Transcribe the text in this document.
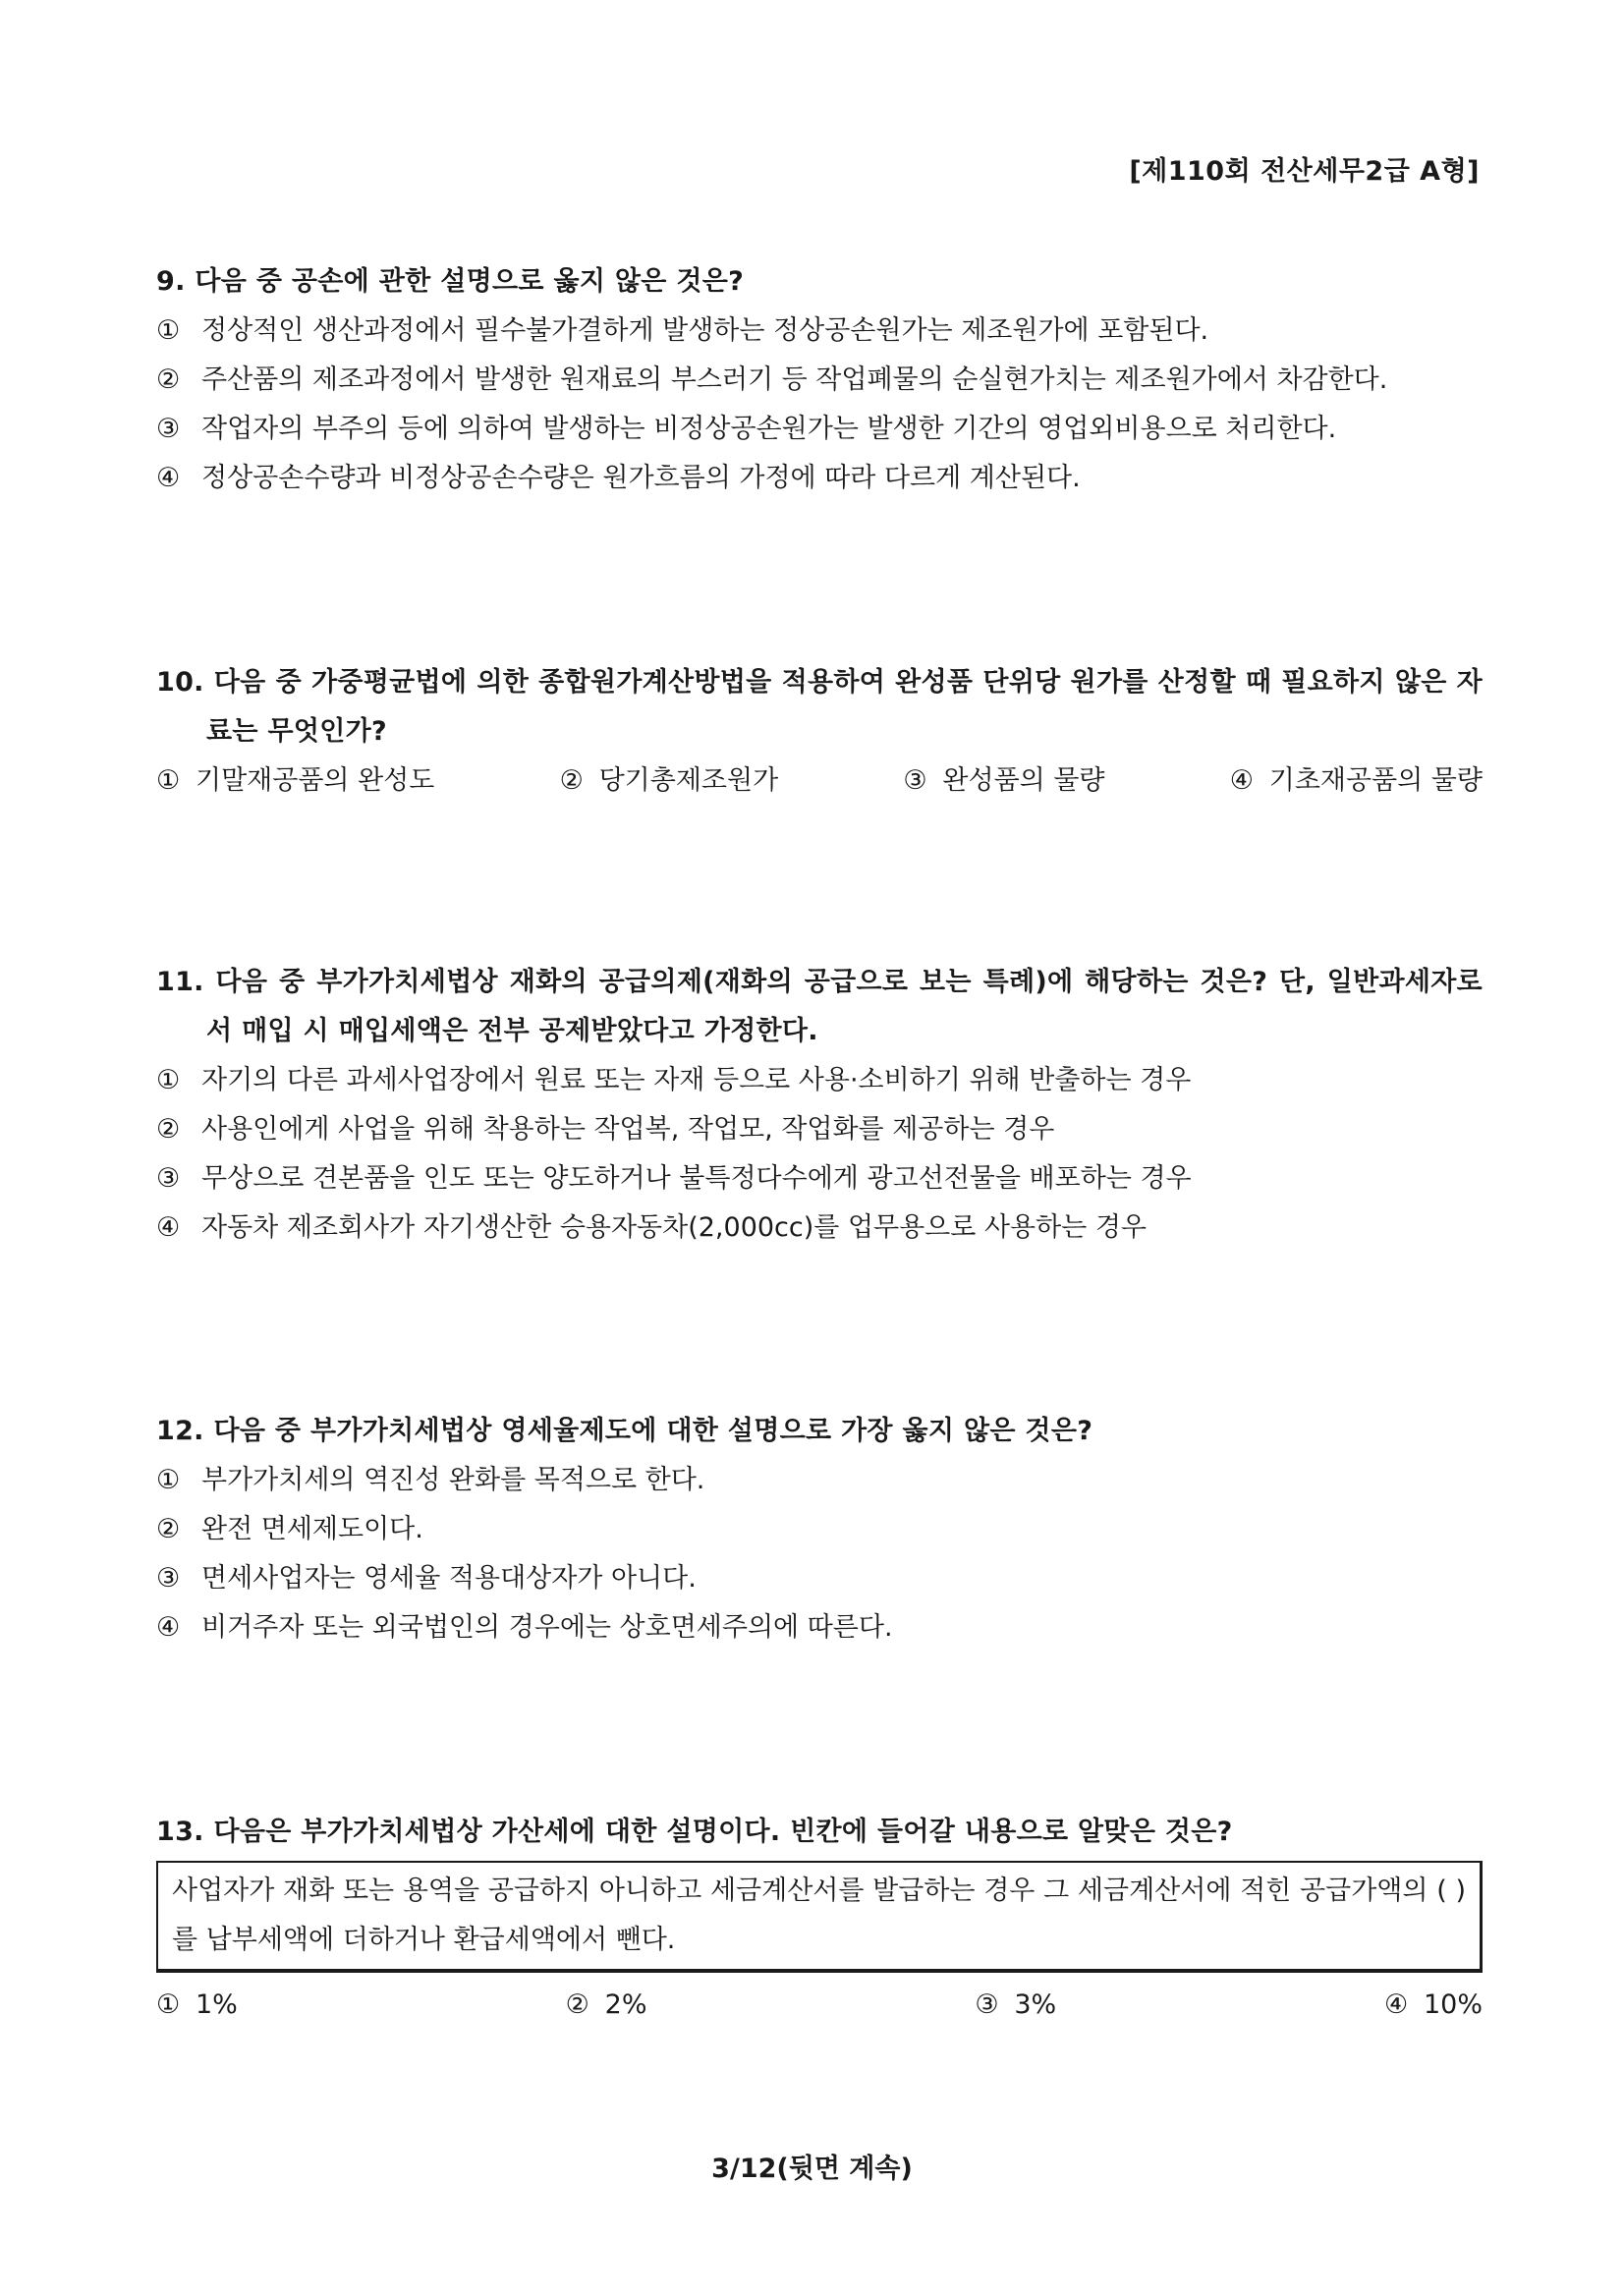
[제110회 전산세무2급 A형]
9. 다음 중 공손에 관한 설명으로 옳지 않은 것은?
① 정상적인 생산과정에서 필수불가결하게 발생하는 정상공손원가는 제조원가에 포함된다.
② 주산품의 제조과정에서 발생한 원재료의 부스러기 등 작업폐물의 순실현가치는 제조원가에서 차감한다.
③ 작업자의 부주의 등에 의하여 발생하는 비정상공손원가는 발생한 기간의 영업외비용으로 처리한다.
④ 정상공손수량과 비정상공손수량은 원가흐름의 가정에 따라 다르게 계산된다.
10. 다음 중 가중평균법에 의한 종합원가계산방법을 적용하여 완성품 단위당 원가를 산정할 때 필요하지 않은 자료는 무엇인가?
① 기말재공품의 완성도	② 당기총제조원가	③ 완성품의 물량	④ 기초재공품의 물량
11. 다음 중 부가가치세법상 재화의 공급의제(재화의 공급으로 보는 특례)에 해당하는 것은? 단, 일반과세자로서 매입 시 매입세액은 전부 공제받았다고 가정한다.
① 자기의 다른 과세사업장에서 원료 또는 자재 등으로 사용·소비하기 위해 반출하는 경우
② 사용인에게 사업을 위해 착용하는 작업복, 작업모, 작업화를 제공하는 경우
③ 무상으로 견본품을 인도 또는 양도하거나 불특정다수에게 광고선전물을 배포하는 경우
④ 자동차 제조회사가 자기생산한 승용자동차(2,000cc)를 업무용으로 사용하는 경우
12. 다음 중 부가가치세법상 영세율제도에 대한 설명으로 가장 옳지 않은 것은?
① 부가가치세의 역진성 완화를 목적으로 한다.
② 완전 면세제도이다.
③ 면세사업자는 영세율 적용대상자가 아니다.
④ 비거주자 또는 외국법인의 경우에는 상호면세주의에 따른다.
13. 다음은 부가가치세법상 가산세에 대한 설명이다. 빈칸에 들어갈 내용으로 알맞은 것은?
사업자가 재화 또는 용역을 공급하지 아니하고 세금계산서를 발급하는 경우 그 세금계산서에 적힌 공급가액의 ( )를 납부세액에 더하거나 환급세액에서 뺀다.
① 1%	② 2%	③ 3%	④ 10%
3/12(뒷면 계속)
